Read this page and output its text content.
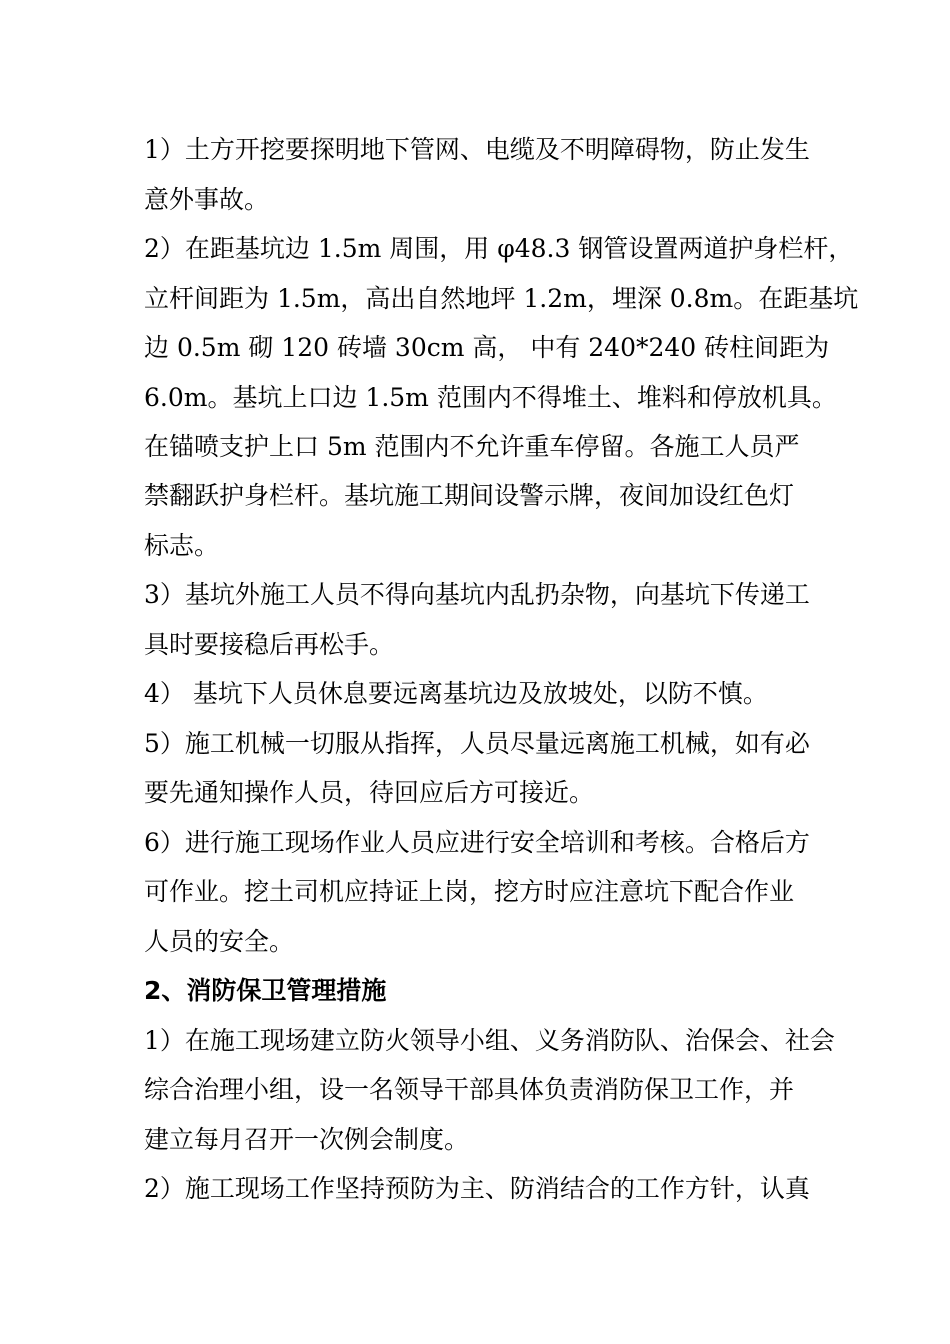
1）土方开挖要探明地下管网、电缆及不明障碍物，防止发生
意外事故。
2）在距基坑边 1.5m 周围，用 φ48.3 钢管设置两道护身栏杆，
立杆间距为 1.5m，高出自然地坪 1.2m，埋深 0.8m。在距基坑
边 0.5m 砌 120 砖墙 30cm 高， 中有 240*240 砖柱间距为
6.0m。基坑上口边 1.5m 范围内不得堆土、堆料和停放机具。
在锚喷支护上口 5m 范围内不允许重车停留。各施工人员严
禁翻跃护身栏杆。基坑施工期间设警示牌，夜间加设红色灯
标志。
3）基坑外施工人员不得向基坑内乱扔杂物，向基坑下传递工
具时要接稳后再松手。
4） 基坑下人员休息要远离基坑边及放坡处，以防不慎。
5）施工机械一切服从指挥，人员尽量远离施工机械，如有必
要先通知操作人员，待回应后方可接近。
6）进行施工现场作业人员应进行安全培训和考核。合格后方
可作业。挖土司机应持证上岗，挖方时应注意坑下配合作业
人员的安全。
2、消防保卫管理措施
1）在施工现场建立防火领导小组、义务消防队、治保会、社会
综合治理小组，设一名领导干部具体负责消防保卫工作，并
建立每月召开一次例会制度。
2）施工现场工作坚持预防为主、防消结合的工作方针，认真
